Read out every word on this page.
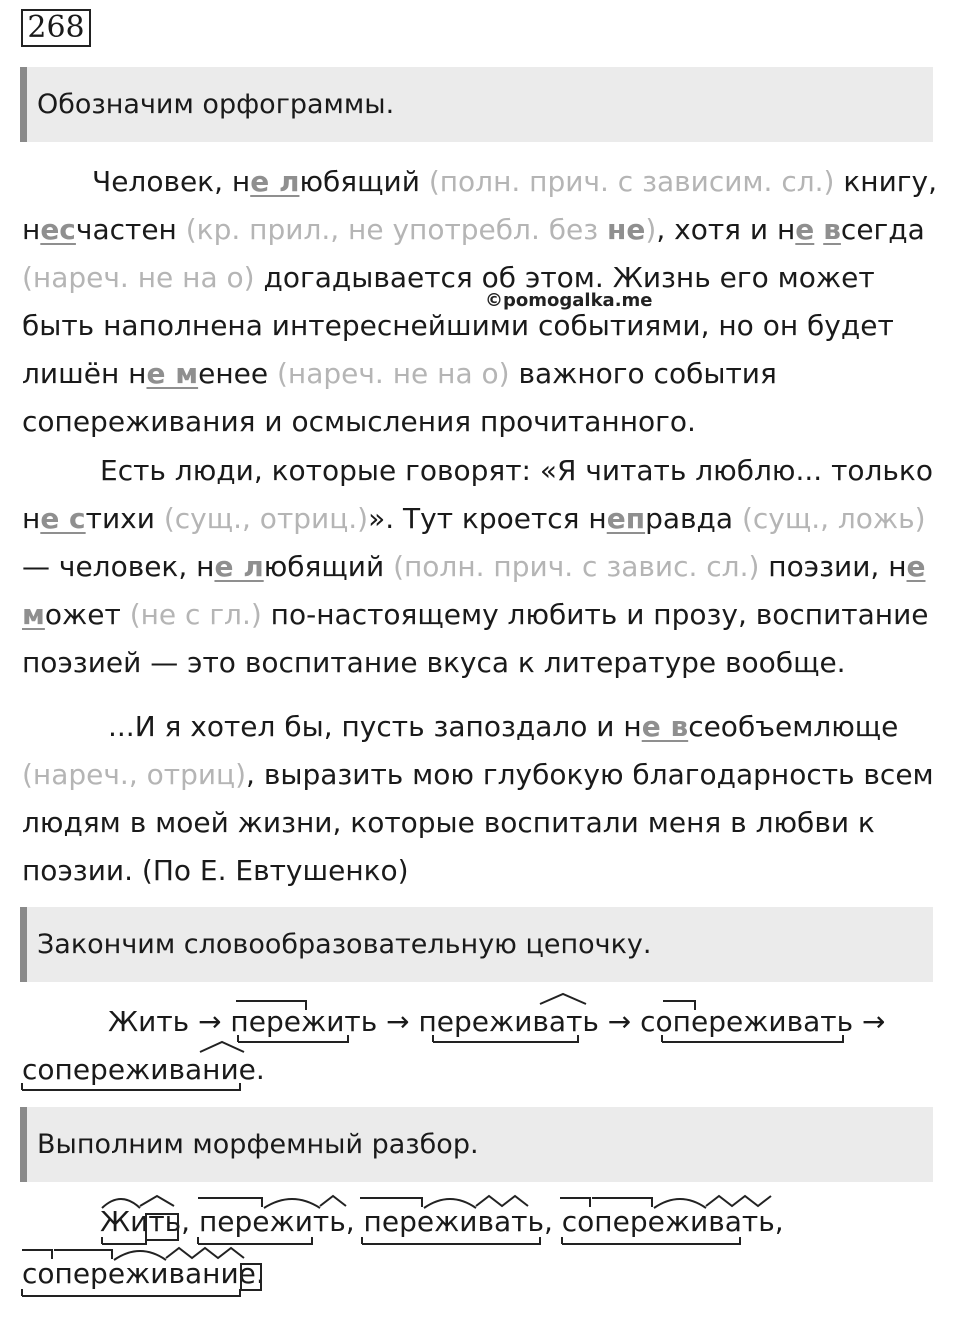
268
Обозначим орфограммы.
Человек, не любящий (полн. прич. с зависим. сл.) книгу, несчастен (кр. прил., не употребл. без не), хотя и не всегда (нареч. не на о) догадывается об этом. Жизнь его может быть наполнена интереснейшими событиями, но он будет лишён не менее (нареч. не на о) важного события сопереживания и осмысления прочитанного.
©pomogalka.me
Есть люди, которые говорят: «Я читать люблю... только не стихи (сущ., отриц.)». Тут кроется неправда (сущ., ложь) — человек, не любящий (полн. прич. с завис. сл.) поэзии, не может (не с гл.) по-настоящему любить и прозу, воспитание поэзией — это воспитание вкуса к литературе вообще.
...И я хотел бы, пусть запоздало и не всеобъемлюще (нареч., отриц), выразить мою глубокую благодарность всем людям в моей жизни, которые воспитали меня в любви к поэзии. (По Е. Евтушенко)
Закончим словообразовательную цепочку.
Жить → пережить → переживать → сопереживать →
сопереживание.
Выполним морфемный разбор.
Жить, пережить, переживать, сопереживать,
сопереживание.
